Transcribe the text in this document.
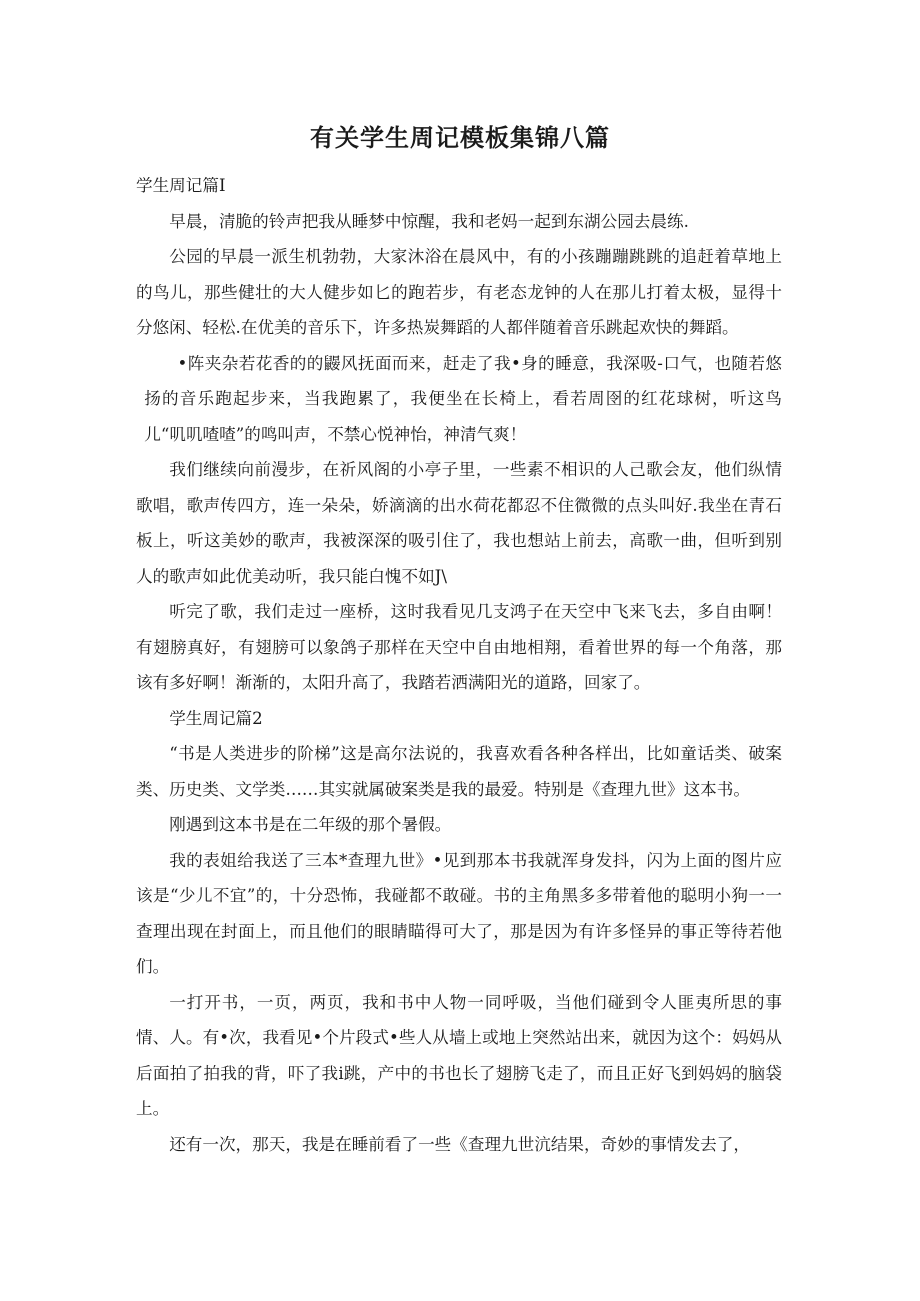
有关学生周记模板集锦八篇

学生周记篇I

早晨，清脆的铃声把我从睡梦中惊醒，我和老妈一起到东湖公园去晨练.

公园的早晨一派生机勃勃，大家沐浴在晨风中，有的小孩蹦蹦跳跳的追赶着草地上的鸟儿，那些健壮的大人健步如匕的跑若步，有老态龙钟的人在那儿打着太极，显得十分悠闲、轻松.在优美的音乐下，许多热炭舞蹈的人都伴随着音乐跳起欢快的舞蹈。

•阵夹杂若花香的的鼹风抚面而来，赶走了我•身的睡意，我深吸-口气，也随若悠扬的音乐跑起步来，当我跑累了，我便坐在长椅上，看若周囹的红花球树，听这鸟儿“叽叽喳喳”的鸣叫声，不禁心悦神怡，神清气爽！

我们继续向前漫步，在祈风阁的小亭子里，一些素不相识的人己歌会友，他们纵情歌唱，歌声传四方，连一朵朵，娇滴滴的出水荷花都忍不住微微的点头叫好.我坐在青石板上，听这美妙的歌声，我被深深的吸引住了，我也想站上前去，高歌一曲，但听到别人的歌声如此优美动听，我只能白愧不如J\

听完了歌，我们走过一座桥，这时我看见几支鸿子在天空中飞来飞去，多自由啊！有翅膀真好，有翅膀可以象鸽子那样在天空中自由地相翔，看着世界的每一个角落，那该有多好啊！渐渐的，太阳升高了，我踏若洒满阳光的道路，回家了。

学生周记篇2

“书是人类进步的阶梯”这是高尔法说的，我喜欢看各种各样出，比如童话类、破案类、历史类、文学类……其实就属破案类是我的最爱。特别是《查理九世》这本书。

刚遇到这本书是在二年级的那个暑假。

我的表姐给我送了三本*查理九世》•见到那本书我就浑身发抖，闪为上面的图片应该是“少儿不宜”的，十分恐怖，我碰都不敢碰。书的主角黑多多带着他的聪明小狗一一查理出现在封面上，而且他们的眼睛瞄得可大了，那是因为有许多怪异的事正等待若他们。

一打开书，一页，两页，我和书中人物一同呼吸，当他们碰到令人匪夷所思的事情、人。有•次，我看见•个片段式•些人从墙上或地上突然站出来，就因为这个：妈妈从后面拍了拍我的背，吓了我i跳，产中的书也长了翅膀飞走了，而且正好飞到妈妈的脑袋上。

还有一次，那天，我是在睡前看了一些《查理九世沆结果，奇妙的事情发去了，
